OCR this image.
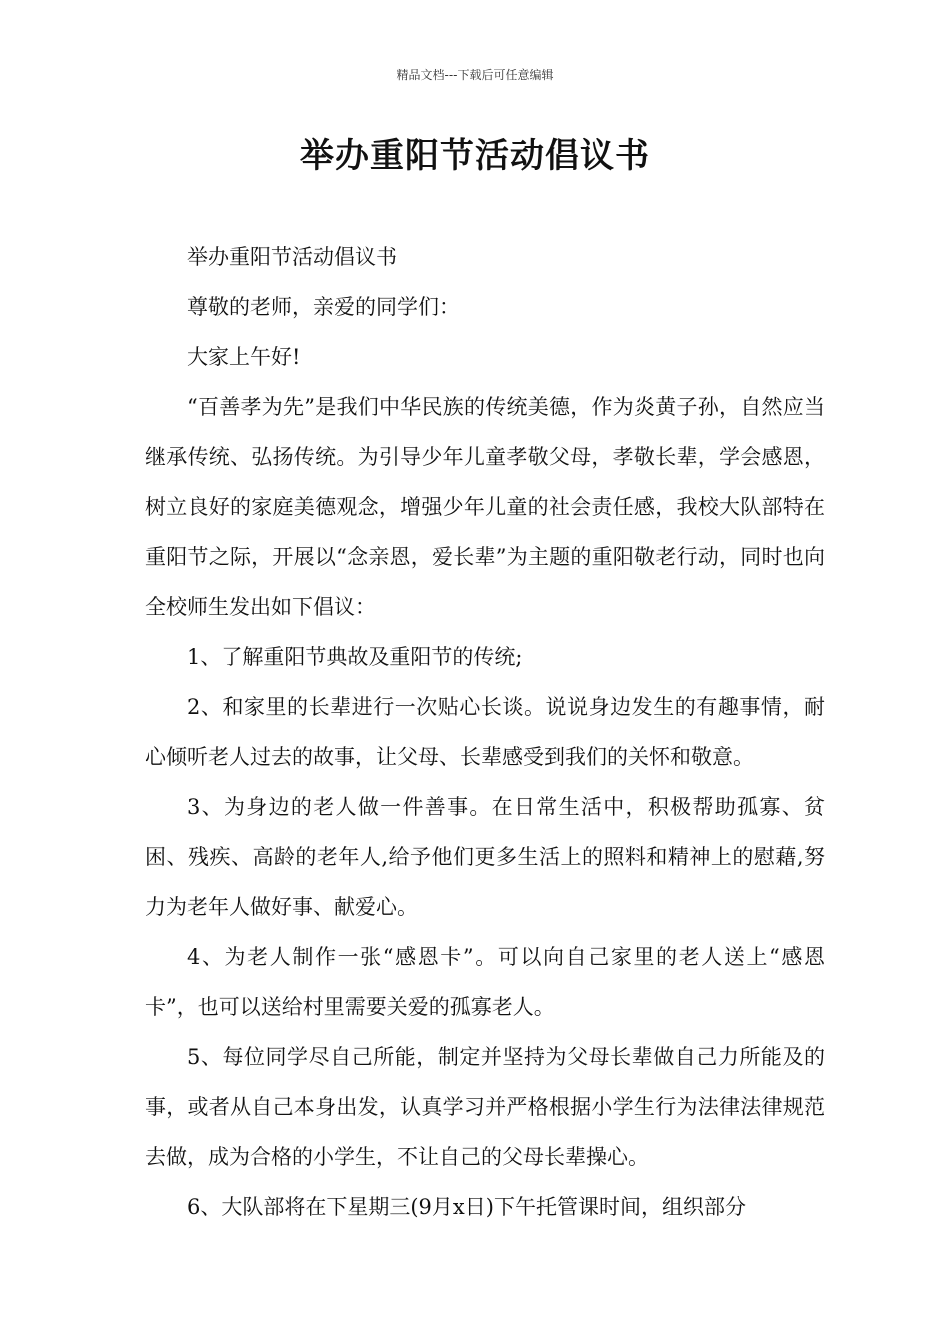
精品文档---下载后可任意编辑
举办重阳节活动倡议书

举办重阳节活动倡议书

尊敬的老师，亲爱的同学们：

大家上午好!

“百善孝为先”是我们中华民族的传统美德，作为炎黄子孙，自然应当继承传统、弘扬传统。为引导少年儿童孝敬父母，孝敬长辈，学会感恩，树立良好的家庭美德观念，增强少年儿童的社会责任感，我校大队部特在重阳节之际，开展以“念亲恩，爱长辈”为主题的重阳敬老行动，同时也向全校师生发出如下倡议：

1、了解重阳节典故及重阳节的传统;

2、和家里的长辈进行一次贴心长谈。说说身边发生的有趣事情，耐心倾听老人过去的故事，让父母、长辈感受到我们的关怀和敬意。

3、为身边的老人做一件善事。在日常生活中，积极帮助孤寡、贫困、残疾、高龄的老年人,给予他们更多生活上的照料和精神上的慰藉,努力为老年人做好事、献爱心。

4、为老人制作一张“感恩卡”。可以向自己家里的老人送上“感恩卡”，也可以送给村里需要关爱的孤寡老人。

5、每位同学尽自己所能，制定并坚持为父母长辈做自己力所能及的事，或者从自己本身出发，认真学习并严格根据小学生行为法律法律规范去做，成为合格的小学生，不让自己的父母长辈操心。

6、大队部将在下星期三(9月x日)下午托管课时间，组织部分
